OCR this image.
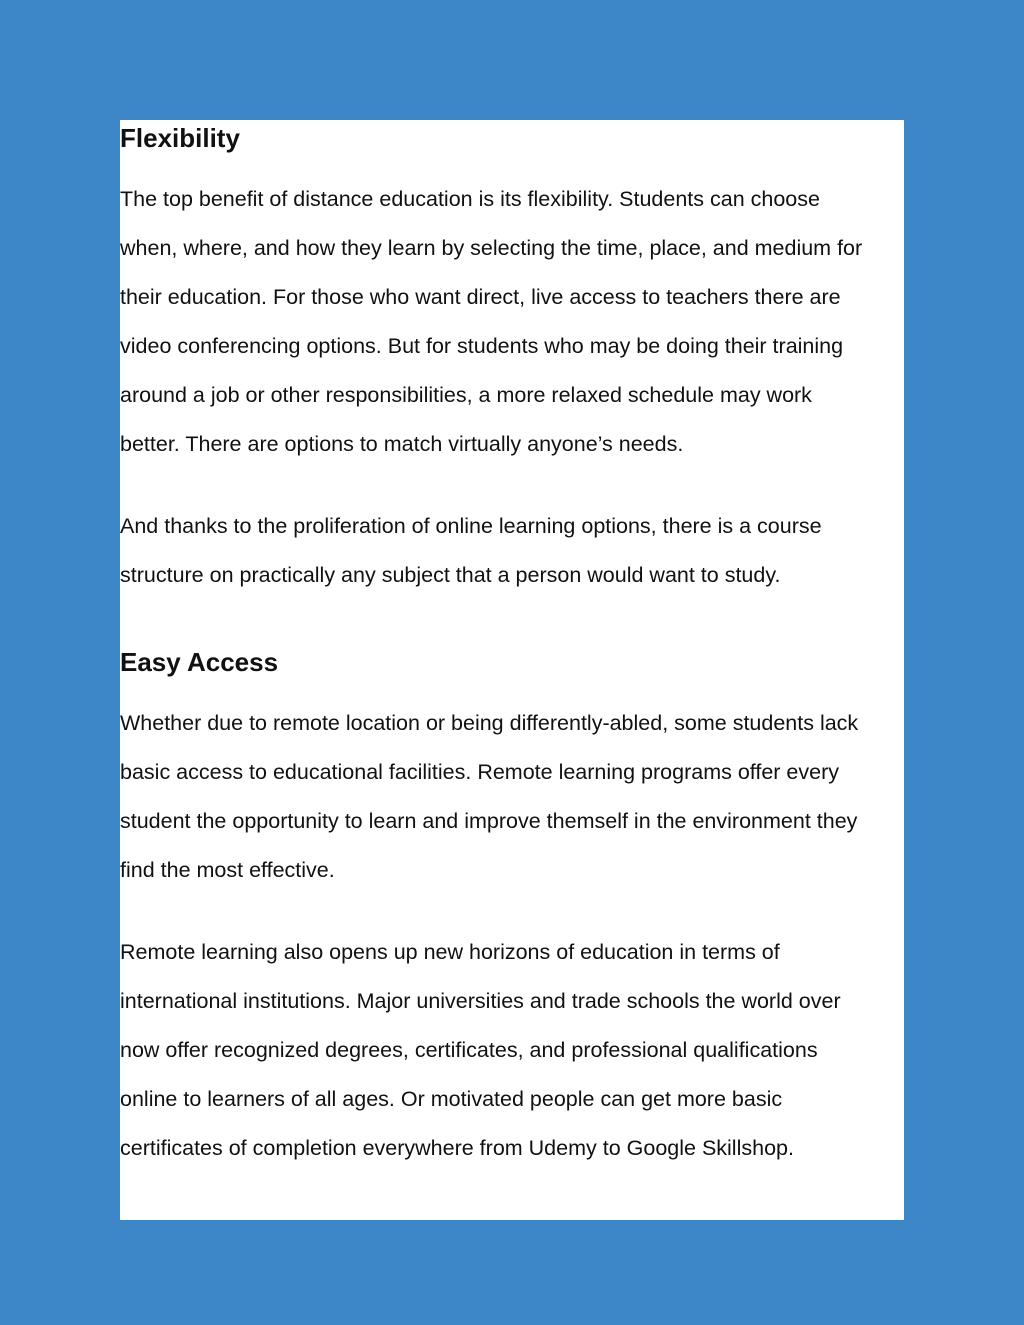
Flexibility

The top benefit of distance education is its flexibility. Students can choose
when, where, and how they learn by selecting the time, place, and medium for
their education. For those who want direct, live access to teachers there are
video conferencing options. But for students who may be doing their training
around a job or other responsibilities, a more relaxed schedule may work
better. There are options to match virtually anyone’s needs.

And thanks to the proliferation of online learning options, there is a course
structure on practically any subject that a person would want to study.

Easy Access

Whether due to remote location or being differently-abled, some students lack
basic access to educational facilities. Remote learning programs offer every
student the opportunity to learn and improve themself in the environment they
find the most effective.

Remote learning also opens up new horizons of education in terms of
international institutions. Major universities and trade schools the world over
now offer recognized degrees, certificates, and professional qualifications
online to learners of all ages. Or motivated people can get more basic
certificates of completion everywhere from Udemy to Google Skillshop.
